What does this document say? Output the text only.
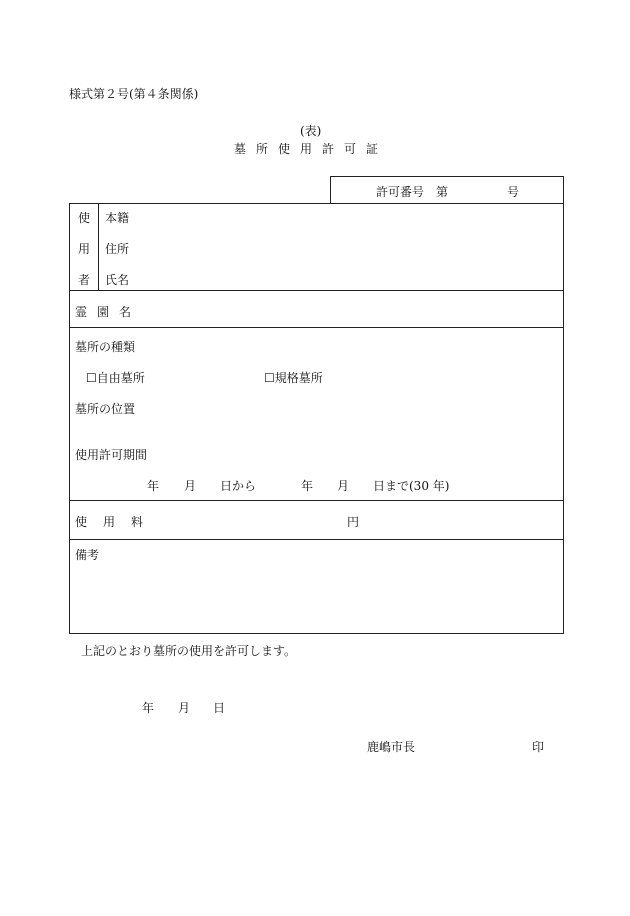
様式第２号(第４条関係)
(表)
墓所使用許可証
許可番号 第	号
使
用
者
本籍
住所
氏名
霊園名
墓所の種類
☐自由墓所	☐規格墓所
墓所の位置
使用許可期間
年 月 日から	年 月 日まで(30 年)
使用料	円
備考
上記のとおり墓所の使用を許可します。
年 月 日
鹿嶋市長	印
